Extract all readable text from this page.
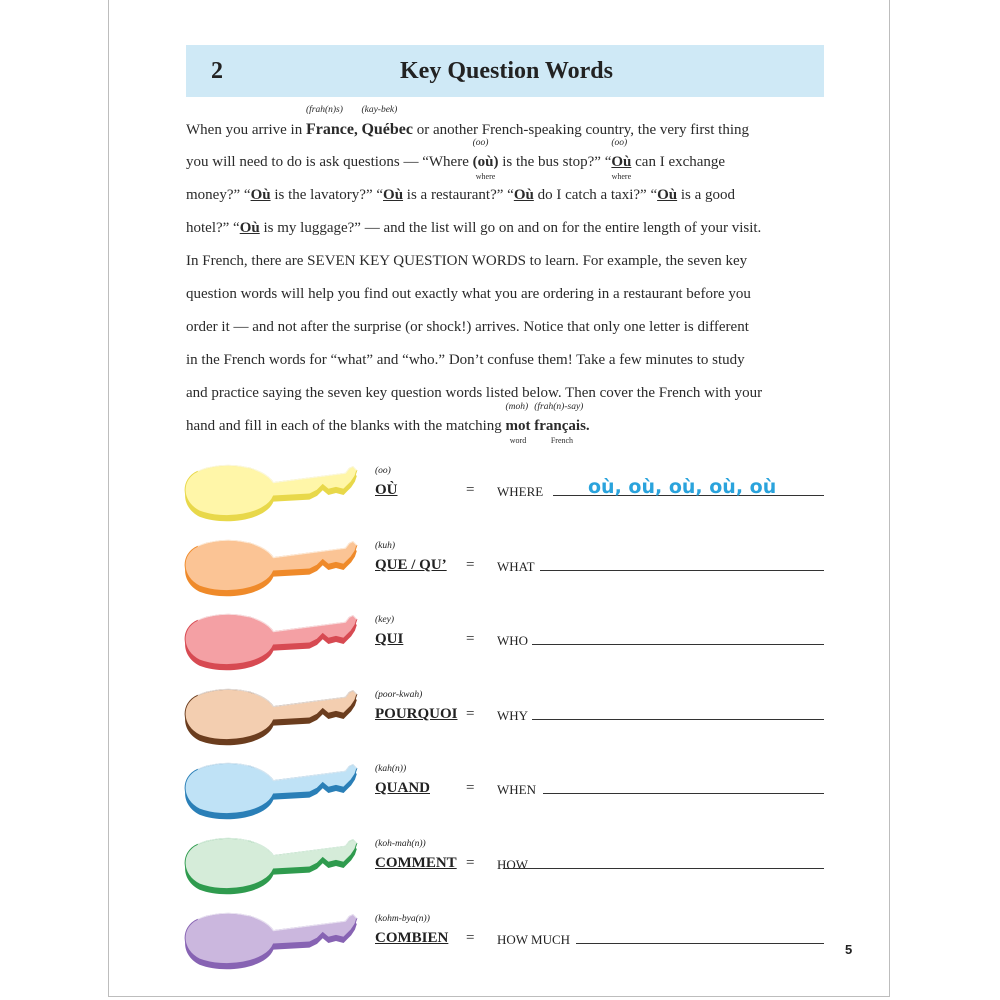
2	Key Question Words
When you arrive in
(frah(n)s)
France,
(kay-bek)
Québec or another French-speaking country, the very first thing
you will need to do is ask questions — “Where
(oo)
(où)
where
is the bus stop?” “
(oo)
Où
where
can I exchange
money?” “Où is the lavatory?” “Où is a restaurant?” “Où do I catch a taxi?” “Où is a good
hotel?” “Où is my luggage?” — and the list will go on and on for the entire length of your visit.
In French, there are SEVEN KEY QUESTION WORDS to learn. For example, the seven key
question words will help you find out exactly what you are ordering in a restaurant before you
order it — and not after the surprise (or shock!) arrives. Notice that only one letter is different
in the French words for “what” and “who.” Don’t confuse them! Take a few minutes to study
and practice saying the seven key question words listed below. Then cover the French with your
hand and fill in each of the blanks with the matching
(moh)
mot
word

(frah(n)-say)
français.
French
(oo)
OÙ	= WHERE
(kuh)
QUE / QU’ = WHAT
(key)
QUI	= WHO
(poor-kwah)
POURQUOI = WHY
(kah(n))
QUAND = WHEN
(koh-mah(n))
COMMENT = HOW
(kohm-byа(n))
COMBIEN = HOW MUCH
où, où, où, où, où
5
